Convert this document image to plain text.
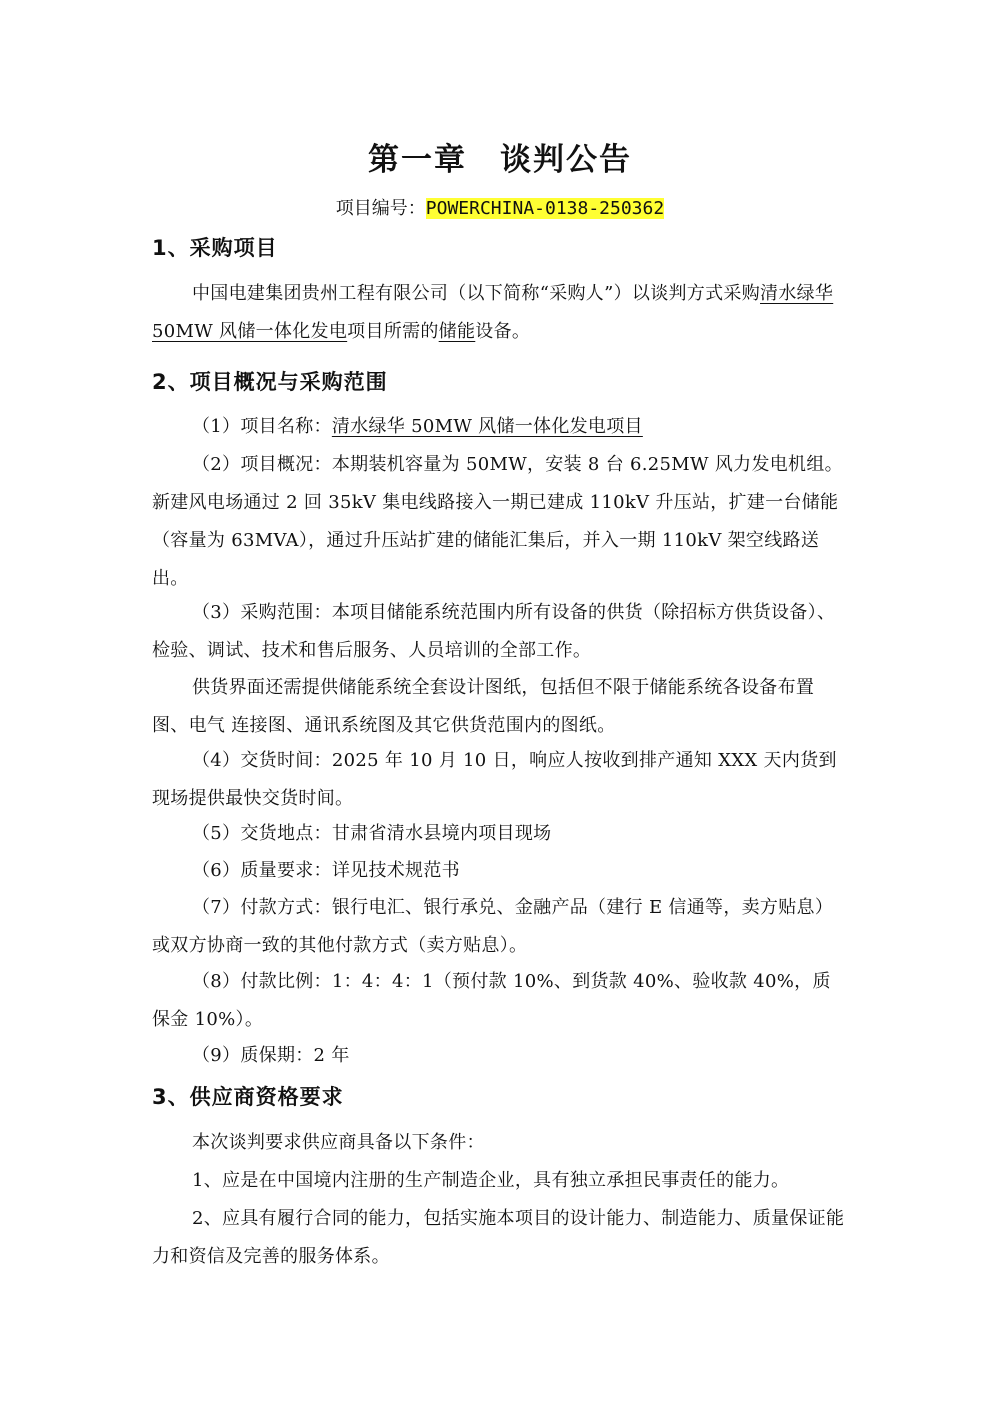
第一章　谈判公告
项目编号：POWERCHINA-0138-250362
1、采购项目
中国电建集团贵州工程有限公司（以下简称“采购人”）以谈判方式采购清水绿华 50MW 风储一体化发电项目所需的储能设备。
2、项目概况与采购范围
（1）项目名称：清水绿华 50MW 风储一体化发电项目
（2）项目概况：本期装机容量为 50MW，安装 8 台 6.25MW 风力发电机组。新建风电场通过 2 回 35kV 集电线路接入一期已建成 110kV 升压站，扩建一台储能（容量为 63MVA），通过升压站扩建的储能汇集后，并入一期 110kV 架空线路送出。
（3）采购范围：本项目储能系统范围内所有设备的供货（除招标方供货设备）、检验、调试、技术和售后服务、人员培训的全部工作。
供货界面还需提供储能系统全套设计图纸，包括但不限于储能系统各设备布置图、电气 连接图、通讯系统图及其它供货范围内的图纸。
（4）交货时间：2025 年 10 月 10 日，响应人按收到排产通知 XXX 天内货到现场提供最快交货时间。
（5）交货地点：甘肃省清水县境内项目现场
（6）质量要求：详见技术规范书
（7）付款方式：银行电汇、银行承兑、金融产品（建行 E 信通等，卖方贴息）或双方协商一致的其他付款方式（卖方贴息）。
（8）付款比例：1：4：4：1（预付款 10%、到货款 40%、验收款 40%，质保金 10%）。
（9）质保期：2 年
3、供应商资格要求
本次谈判要求供应商具备以下条件：
1、应是在中国境内注册的生产制造企业，具有独立承担民事责任的能力。
2、应具有履行合同的能力，包括实施本项目的设计能力、制造能力、质量保证能力和资信及完善的服务体系。
